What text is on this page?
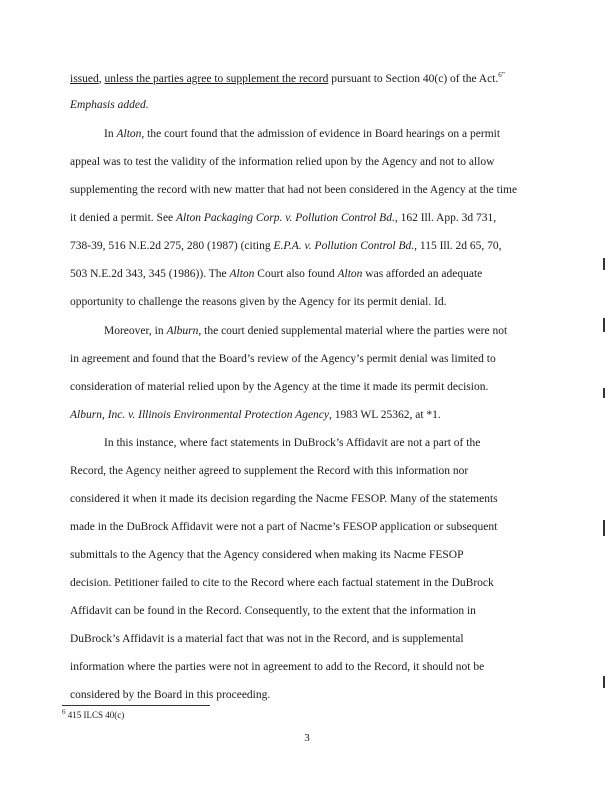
issued, unless the parties agree to supplement the record pursuant to Section 40(c) of the Act.$^{6”}$
Emphasis added.
In Alton, the court found that the admission of evidence in Board hearings on a permit
appeal was to test the validity of the information relied upon by the Agency and not to allow
supplementing the record with new matter that had not been considered in the Agency at the time
it denied a permit. See Alton Packaging Corp. v. Pollution Control Bd., 162 Ill. App. 3d 731,
738-39, 516 N.E.2d 275, 280 (1987) (citing E.P.A. v. Pollution Control Bd., 115 Ill. 2d 65, 70,
503 N.E.2d 343, 345 (1986)). The Alton Court also found Alton was afforded an adequate
opportunity to challenge the reasons given by the Agency for its permit denial. Id.
Moreover, in Alburn, the court denied supplemental material where the parties were not
in agreement and found that the Board’s review of the Agency’s permit denial was limited to
consideration of material relied upon by the Agency at the time it made its permit decision.
Alburn, Inc. v. Illinois Environmental Protection Agency, 1983 WL 25362, at *1.
In this instance, where fact statements in DuBrock’s Affidavit are not a part of the
Record, the Agency neither agreed to supplement the Record with this information nor
considered it when it made its decision regarding the Nacme FESOP. Many of the statements
made in the DuBrock Affidavit were not a part of Nacme’s FESOP application or subsequent
submittals to the Agency that the Agency considered when making its Nacme FESOP
decision. Petitioner failed to cite to the Record where each factual statement in the DuBrock
Affidavit can be found in the Record. Consequently, to the extent that the information in
DuBrock’s Affidavit is a material fact that was not in the Record, and is supplemental
information where the parties were not in agreement to add to the Record, it should not be
considered by the Board in this proceeding.
$^6$ 415 ILCS 40(c)
3
